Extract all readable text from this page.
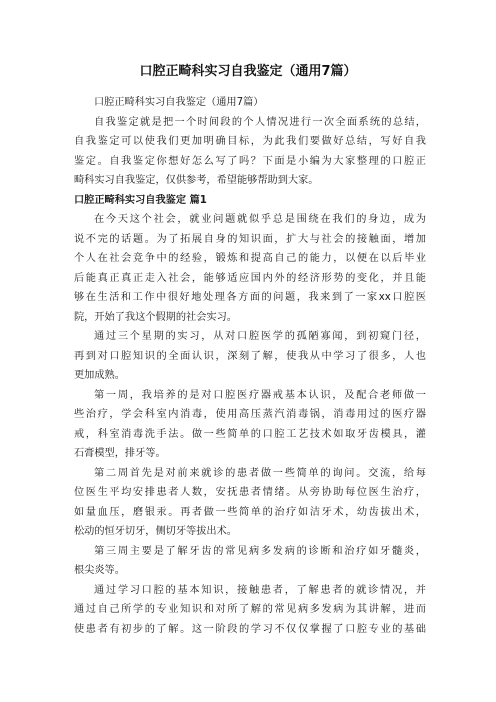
口腔正畸科实习自我鉴定（通用7篇）
口腔正畸科实习自我鉴定（通用7篇）
自我鉴定就是把一个时间段的个人情况进行一次全面系统的总结，
自我鉴定可以使我们更加明确目标，为此我们要做好总结，写好自我
鉴定。自我鉴定你想好怎么写了吗？下面是小编为大家整理的口腔正
畸科实习自我鉴定，仅供参考，希望能够帮助到大家。
口腔正畸科实习自我鉴定 篇1
在今天这个社会，就业问题就似乎总是围绕在我们的身边，成为
说不完的话题。为了拓展自身的知识面，扩大与社会的接触面，增加
个人在社会竞争中的经验，锻炼和提高自己的能力，以便在以后毕业
后能真正真正走入社会，能够适应国内外的经济形势的变化，并且能
够在生活和工作中很好地处理各方面的问题，我来到了一家xx口腔医
院，开始了我这个假期的社会实习。
通过三个星期的实习，从对口腔医学的孤陋寡闻，到初窥门径，
再到对口腔知识的全面认识，深刻了解，使我从中学习了很多，人也
更加成熟。
第一周，我培养的是对口腔医疗器戒基本认识，及配合老师做一
些治疗，学会科室内消毒，使用高压蒸汽消毒锅，消毒用过的医疗器
戒，科室消毒洗手法。做一些简单的口腔工艺技术如取牙齿模具，灌
石膏模型，排牙等。
第二周首先是对前来就诊的患者做一些简单的询问。交流，给每
位医生平均安排患者人数，安抚患者情绪。从旁协助每位医生治疗，
如量血压，磨银汞。再者做一些简单的治疗如洁牙术，幼齿拔出术，
松动的恒牙切牙，侧切牙等拔出术。
第三周主要是了解牙齿的常见病多发病的诊断和治疗如牙髓炎，
根尖炎等。
通过学习口腔的基本知识，接触患者，了解患者的就诊情况，并
通过自己所学的专业知识和对所了解的常见病多发病为其讲解，进而
使患者有初步的了解。这一阶段的学习不仅仅掌握了口腔专业的基础
